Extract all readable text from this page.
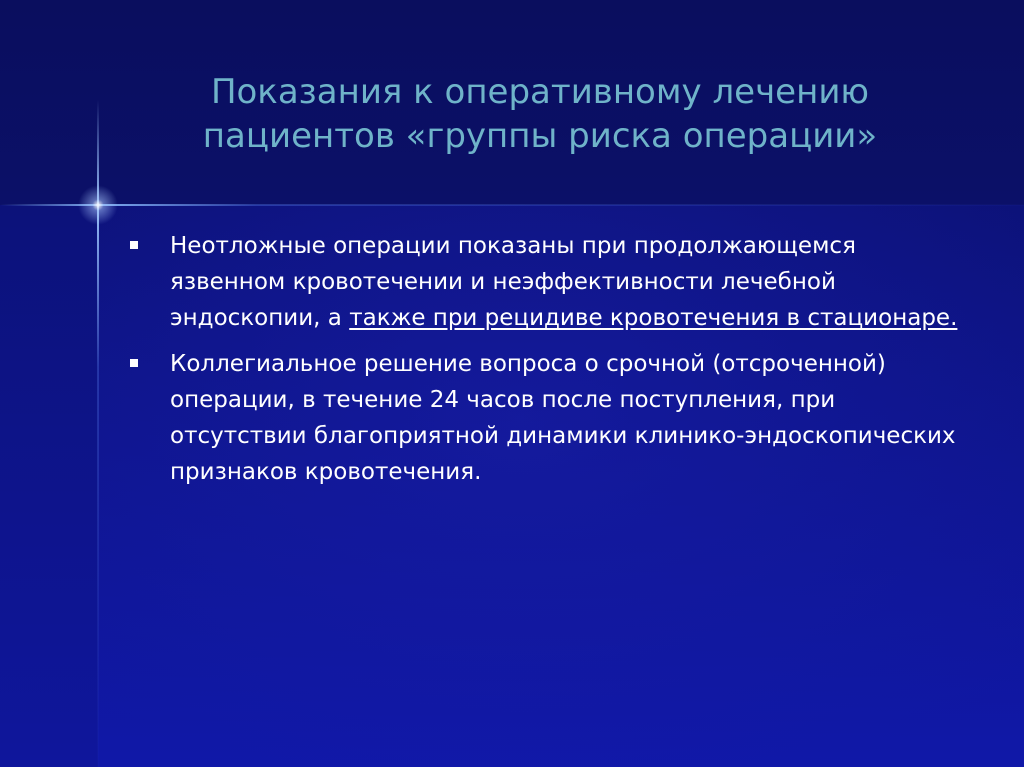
Показания к оперативному лечению
пациентов «группы риска операции»
Неотложные операции показаны при продолжающемся язвенном кровотечении и неэффективности лечебной эндоскопии, а также при рецидиве кровотечения в стационаре.
Коллегиальное решение вопроса о срочной (отсроченной) операции, в течение 24 часов после поступления, при отсутствии благоприятной динамики клинико-эндоскопических признаков кровотечения.
